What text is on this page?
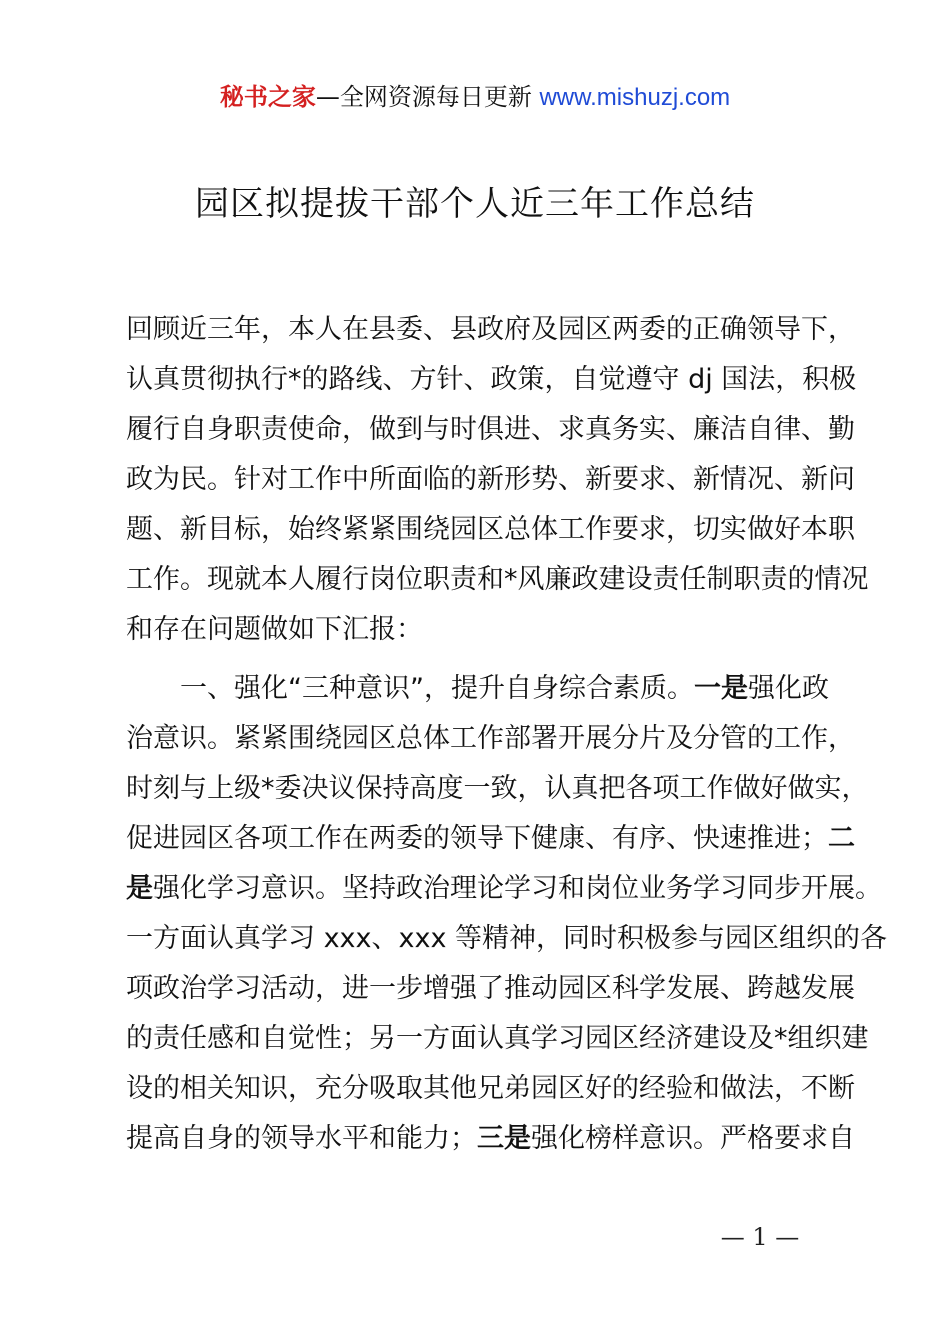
秘书之家—全网资源每日更新 www.mishuzj.com
园区拟提拔干部个人近三年工作总结
回顾近三年，本人在县委、县政府及园区两委的正确领导下，
认真贯彻执行*的路线、方针、政策，自觉遵守 dj 国法，积极
履行自身职责使命，做到与时俱进、求真务实、廉洁自律、勤
政为民。针对工作中所面临的新形势、新要求、新情况、新问
题、新目标，始终紧紧围绕园区总体工作要求，切实做好本职
工作。现就本人履行岗位职责和*风廉政建设责任制职责的情况
和存在问题做如下汇报：
一、强化“三种意识”，提升自身综合素质。一是强化政
治意识。紧紧围绕园区总体工作部署开展分片及分管的工作，
时刻与上级*委决议保持高度一致，认真把各项工作做好做实，
促进园区各项工作在两委的领导下健康、有序、快速推进；二
是强化学习意识。坚持政治理论学习和岗位业务学习同步开展。
一方面认真学习 xxx、xxx 等精神，同时积极参与园区组织的各
项政治学习活动，进一步增强了推动园区科学发展、跨越发展
的责任感和自觉性；另一方面认真学习园区经济建设及*组织建
设的相关知识，充分吸取其他兄弟园区好的经验和做法，不断
提高自身的领导水平和能力；三是强化榜样意识。严格要求自
— 1 —
